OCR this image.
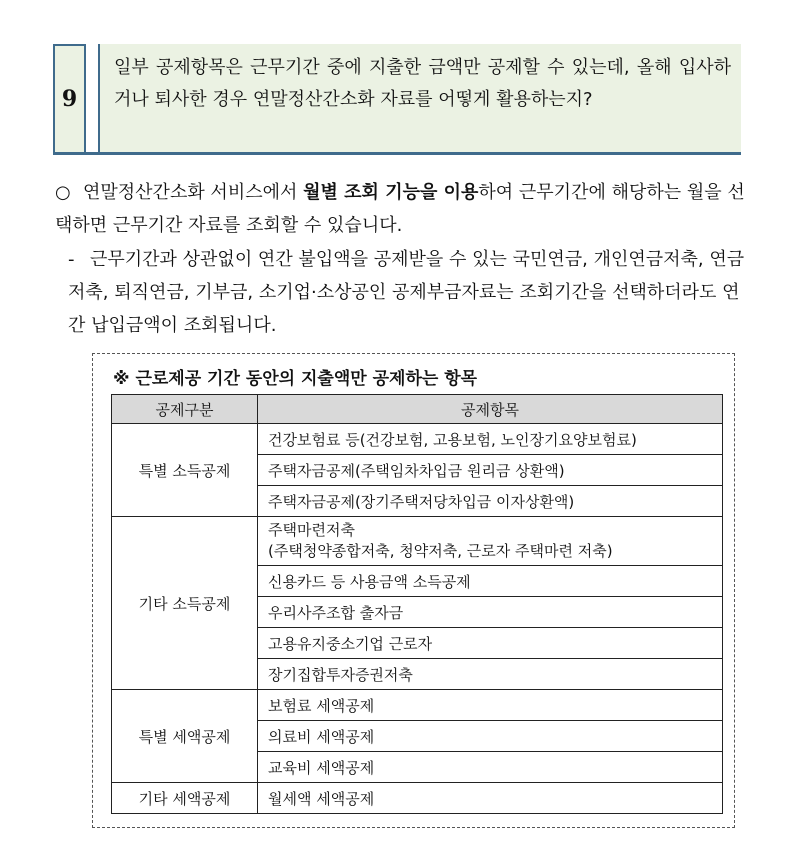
9
일부 공제항목은 근무기간 중에 지출한 금액만 공제할 수 있는데, 올해 입사하거나 퇴사한 경우 연말정산간소화 자료를 어떻게 활용하는지?
○ 연말정산간소화 서비스에서 월별 조회 기능을 이용하여 근무기간에 해당하는 월을 선택하면 근무기간 자료를 조회할 수 있습니다.
- 근무기간과 상관없이 연간 불입액을 공제받을 수 있는 국민연금, 개인연금저축, 연금저축, 퇴직연금, 기부금, 소기업·소상공인 공제부금자료는 조회기간을 선택하더라도 연간 납입금액이 조회됩니다.
※ 근로제공 기간 동안의 지출액만 공제하는 항목
공제구분	공제항목
특별 소득공제	건강보험료 등(건강보험, 고용보험, 노인장기요양보험료)
	주택자금공제(주택임차차입금 원리금 상환액)
	주택자금공제(장기주택저당차입금 이자상환액)
기타 소득공제	주택마련저축
(주택청약종합저축, 청약저축, 근로자 주택마련 저축)
	신용카드 등 사용금액 소득공제
	우리사주조합 출자금
	고용유지중소기업 근로자
	장기집합투자증권저축
특별 세액공제	보험료 세액공제
	의료비 세액공제
	교육비 세액공제
기타 세액공제	월세액 세액공제
